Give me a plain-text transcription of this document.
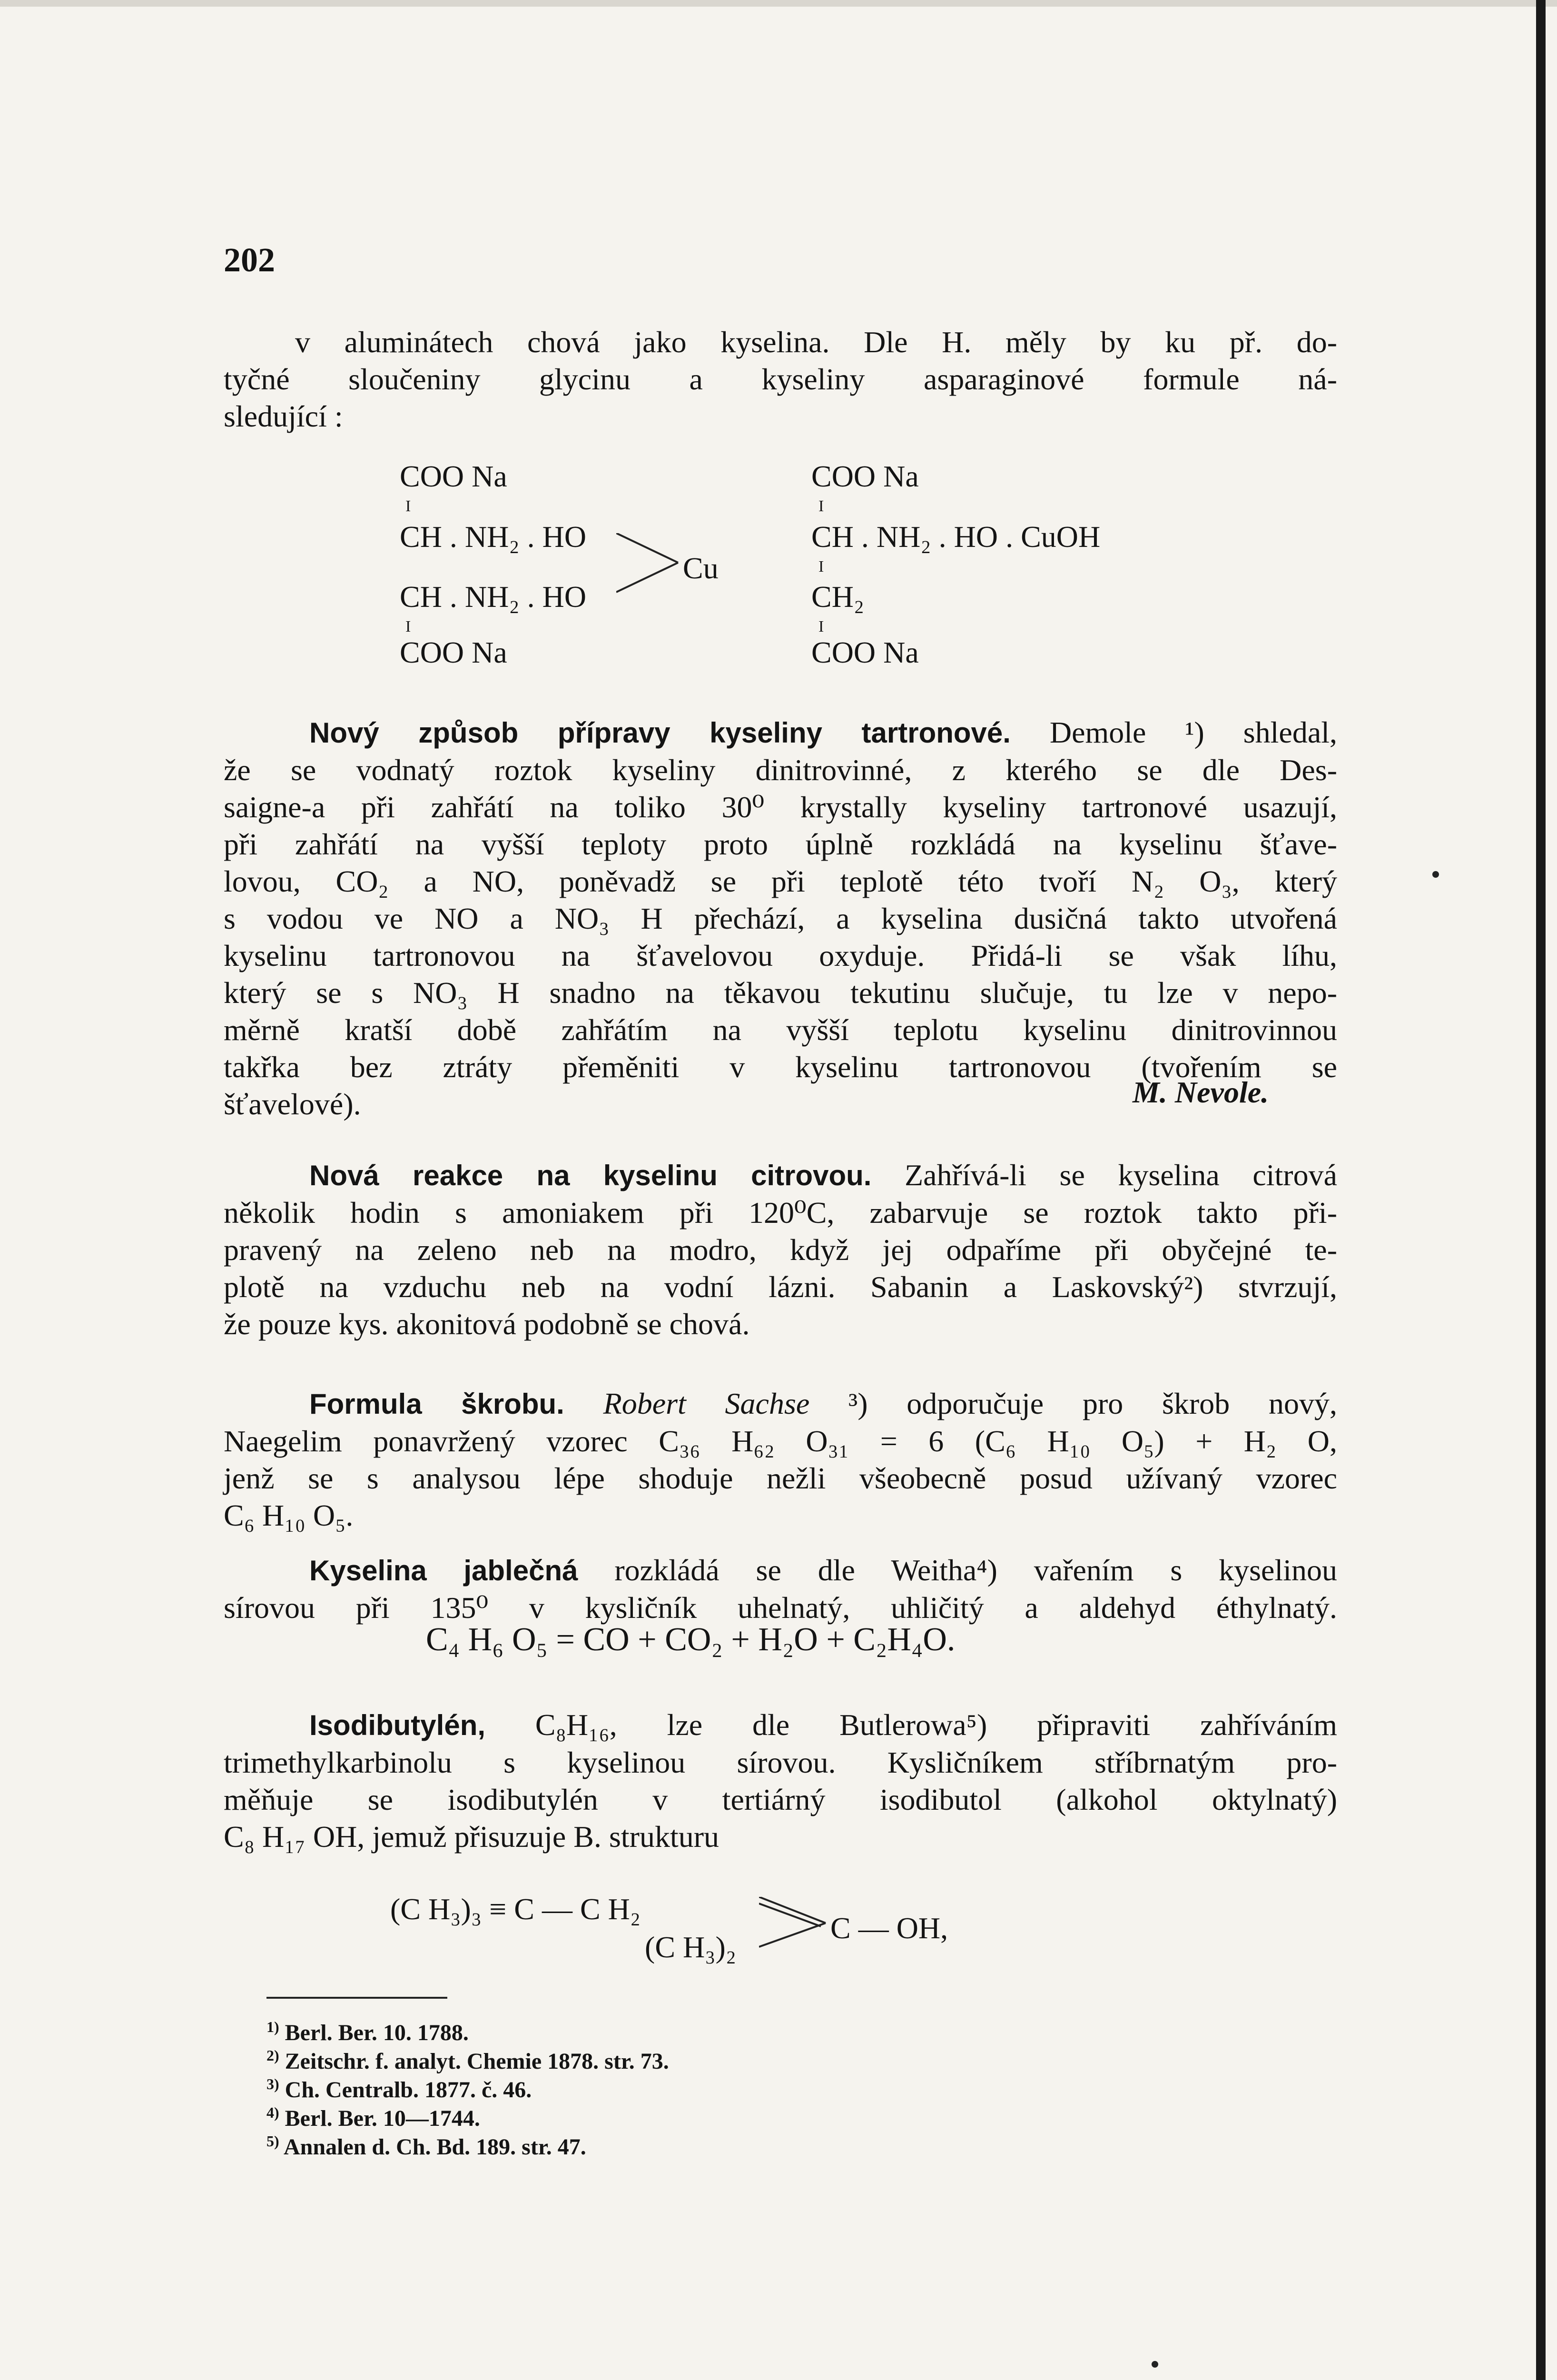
202
v aluminátech chová jako kyselina. Dle H. měly by ku př. do-
tyčné sloučeniny glycinu a kyseliny asparaginové formule ná-
sledující :
COO Na
I
CH . NH₂ . HO
CH . NH₂ . HO
I
COO Na
Cu
COO Na
I
CH . NH₂ . HO . CuOH
I
CH₂
I
COO Na
Nový způsob přípravy kyseliny tartronové. Demole ¹) shledal,
že se vodnatý roztok kyseliny dinitrovinné, z kterého se dle Des-
saigne-a při zahřátí na toliko 30⁰ krystally kyseliny tartronové usazují,
při zahřátí na vyšší teploty proto úplně rozkládá na kyselinu šťave-
lovou, CO₂ a NO, poněvadž se při teplotě této tvoří N₂ O₃, který
s vodou ve NO a NO₃ H přechází, a kyselina dusičná takto utvořená
kyselinu tartronovou na šťavelovou oxyduje. Přidá-li se však líhu,
který se s NO₃ H snadno na těkavou tekutinu slučuje, tu lze v nepo-
měrně kratší době zahřátím na vyšší teplotu kyselinu dinitrovinnou
takřka bez ztráty přeměniti v kyselinu tartronovou (tvořením se
šťavelové).	M. Nevole.
Nová reakce na kyselinu citrovou. Zahřívá-li se kyselina citrová
několik hodin s amoniakem při 120⁰C, zabarvuje se roztok takto při-
pravený na zeleno neb na modro, když jej odpaříme při obyčejné te-
plotě na vzduchu neb na vodní lázni. Sabanin a Laskovský²) stvrzují,
že pouze kys. akonitová podobně se chová.
Formula škrobu. Robert Sachse ³) odporučuje pro škrob nový,
Naegelim ponavržený vzorec C₃₆ H₆₂ O₃₁ = 6 (C₆ H₁₀ O₅) + H₂ O,
jenž se s analysou lépe shoduje nežli všeobecně posud užívaný vzorec
C₆ H₁₀ O₅.
Kyselina jablečná rozkládá se dle Weitha⁴) vařením s kyselinou
sírovou při 135⁰ v kysličník uhelnatý, uhličitý a aldehyd éthylnatý.
C₄ H₆ O₅ = CO + CO₂ + H₂O + C₂H₄O.
Isodibutylén, C₈H₁₆, lze dle Butlerowa⁵) připraviti zahříváním
trimethylkarbinolu s kyselinou sírovou. Kysličníkem stříbrnatým pro-
měňuje se isodibutylén v tertiárný isodibutol (alkohol oktylnatý)
C₈ H₁₇ OH, jemuž přisuzuje B. strukturu
(C H₃)₃ ≡ C — C H₂
(C H₃)₂
C — OH,
$^{1)}$ Berl. Ber. 10. 1788.
$^{2)}$ Zeitschr. f. analyt. Chemie 1878. str. 73.
$^{3)}$ Ch. Centralb. 1877. č. 46.
$^{4)}$ Berl. Ber. 10—1744.
$^{5)}$ Annalen d. Ch. Bd. 189. str. 47.
